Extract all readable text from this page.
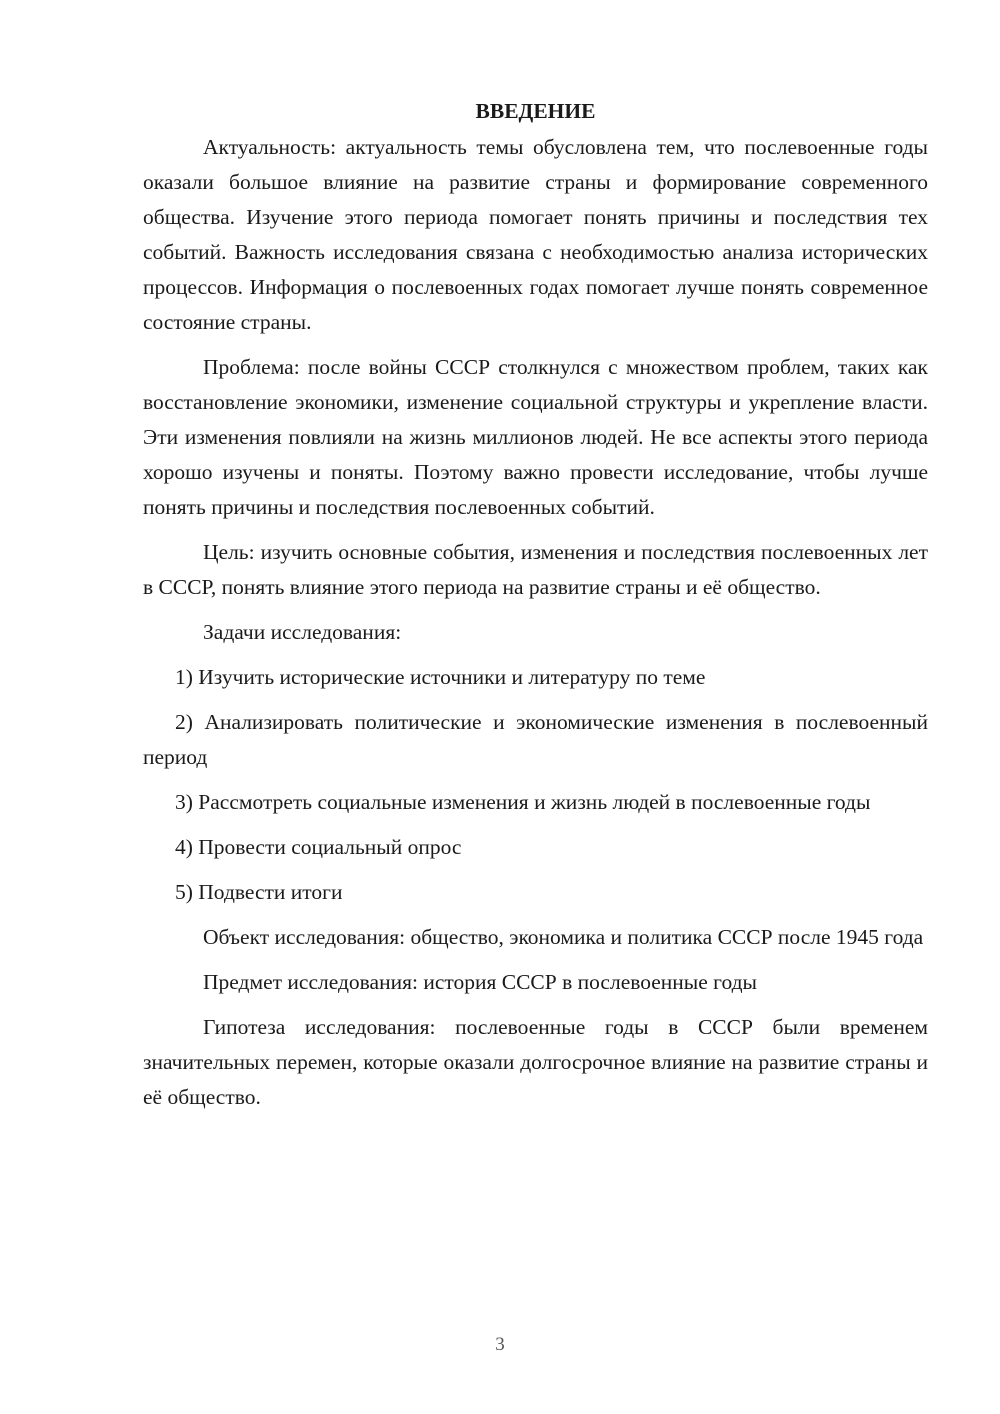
ВВЕДЕНИЕ

Актуальность: актуальность темы обусловлена тем, что послевоенные годы оказали большое влияние на развитие страны и формирование современного общества. Изучение этого периода помогает понять причины и последствия тех событий. Важность исследования связана с необходимостью анализа исторических процессов. Информация о послевоенных годах помогает лучше понять современное состояние страны.

Проблема: после войны СССР столкнулся с множеством проблем, таких как восстановление экономики, изменение социальной структуры и укрепление власти. Эти изменения повлияли на жизнь миллионов людей. Не все аспекты этого периода хорошо изучены и поняты. Поэтому важно провести исследование, чтобы лучше понять причины и последствия послевоенных событий.

Цель: изучить основные события, изменения и последствия послевоенных лет в СССР, понять влияние этого периода на развитие страны и её общество.

Задачи исследования:

1) Изучить исторические источники и литературу по теме

2) Анализировать политические и экономические изменения в послевоенный период

3) Рассмотреть социальные изменения и жизнь людей в послевоенные годы

4) Провести социальный опрос

5) Подвести итоги

Объект исследования: общество, экономика и политика СССР после 1945 года

Предмет исследования: история СССР в послевоенные годы

Гипотеза исследования: послевоенные годы в СССР были временем значительных перемен, которые оказали долгосрочное влияние на развитие страны и её общество.

3
